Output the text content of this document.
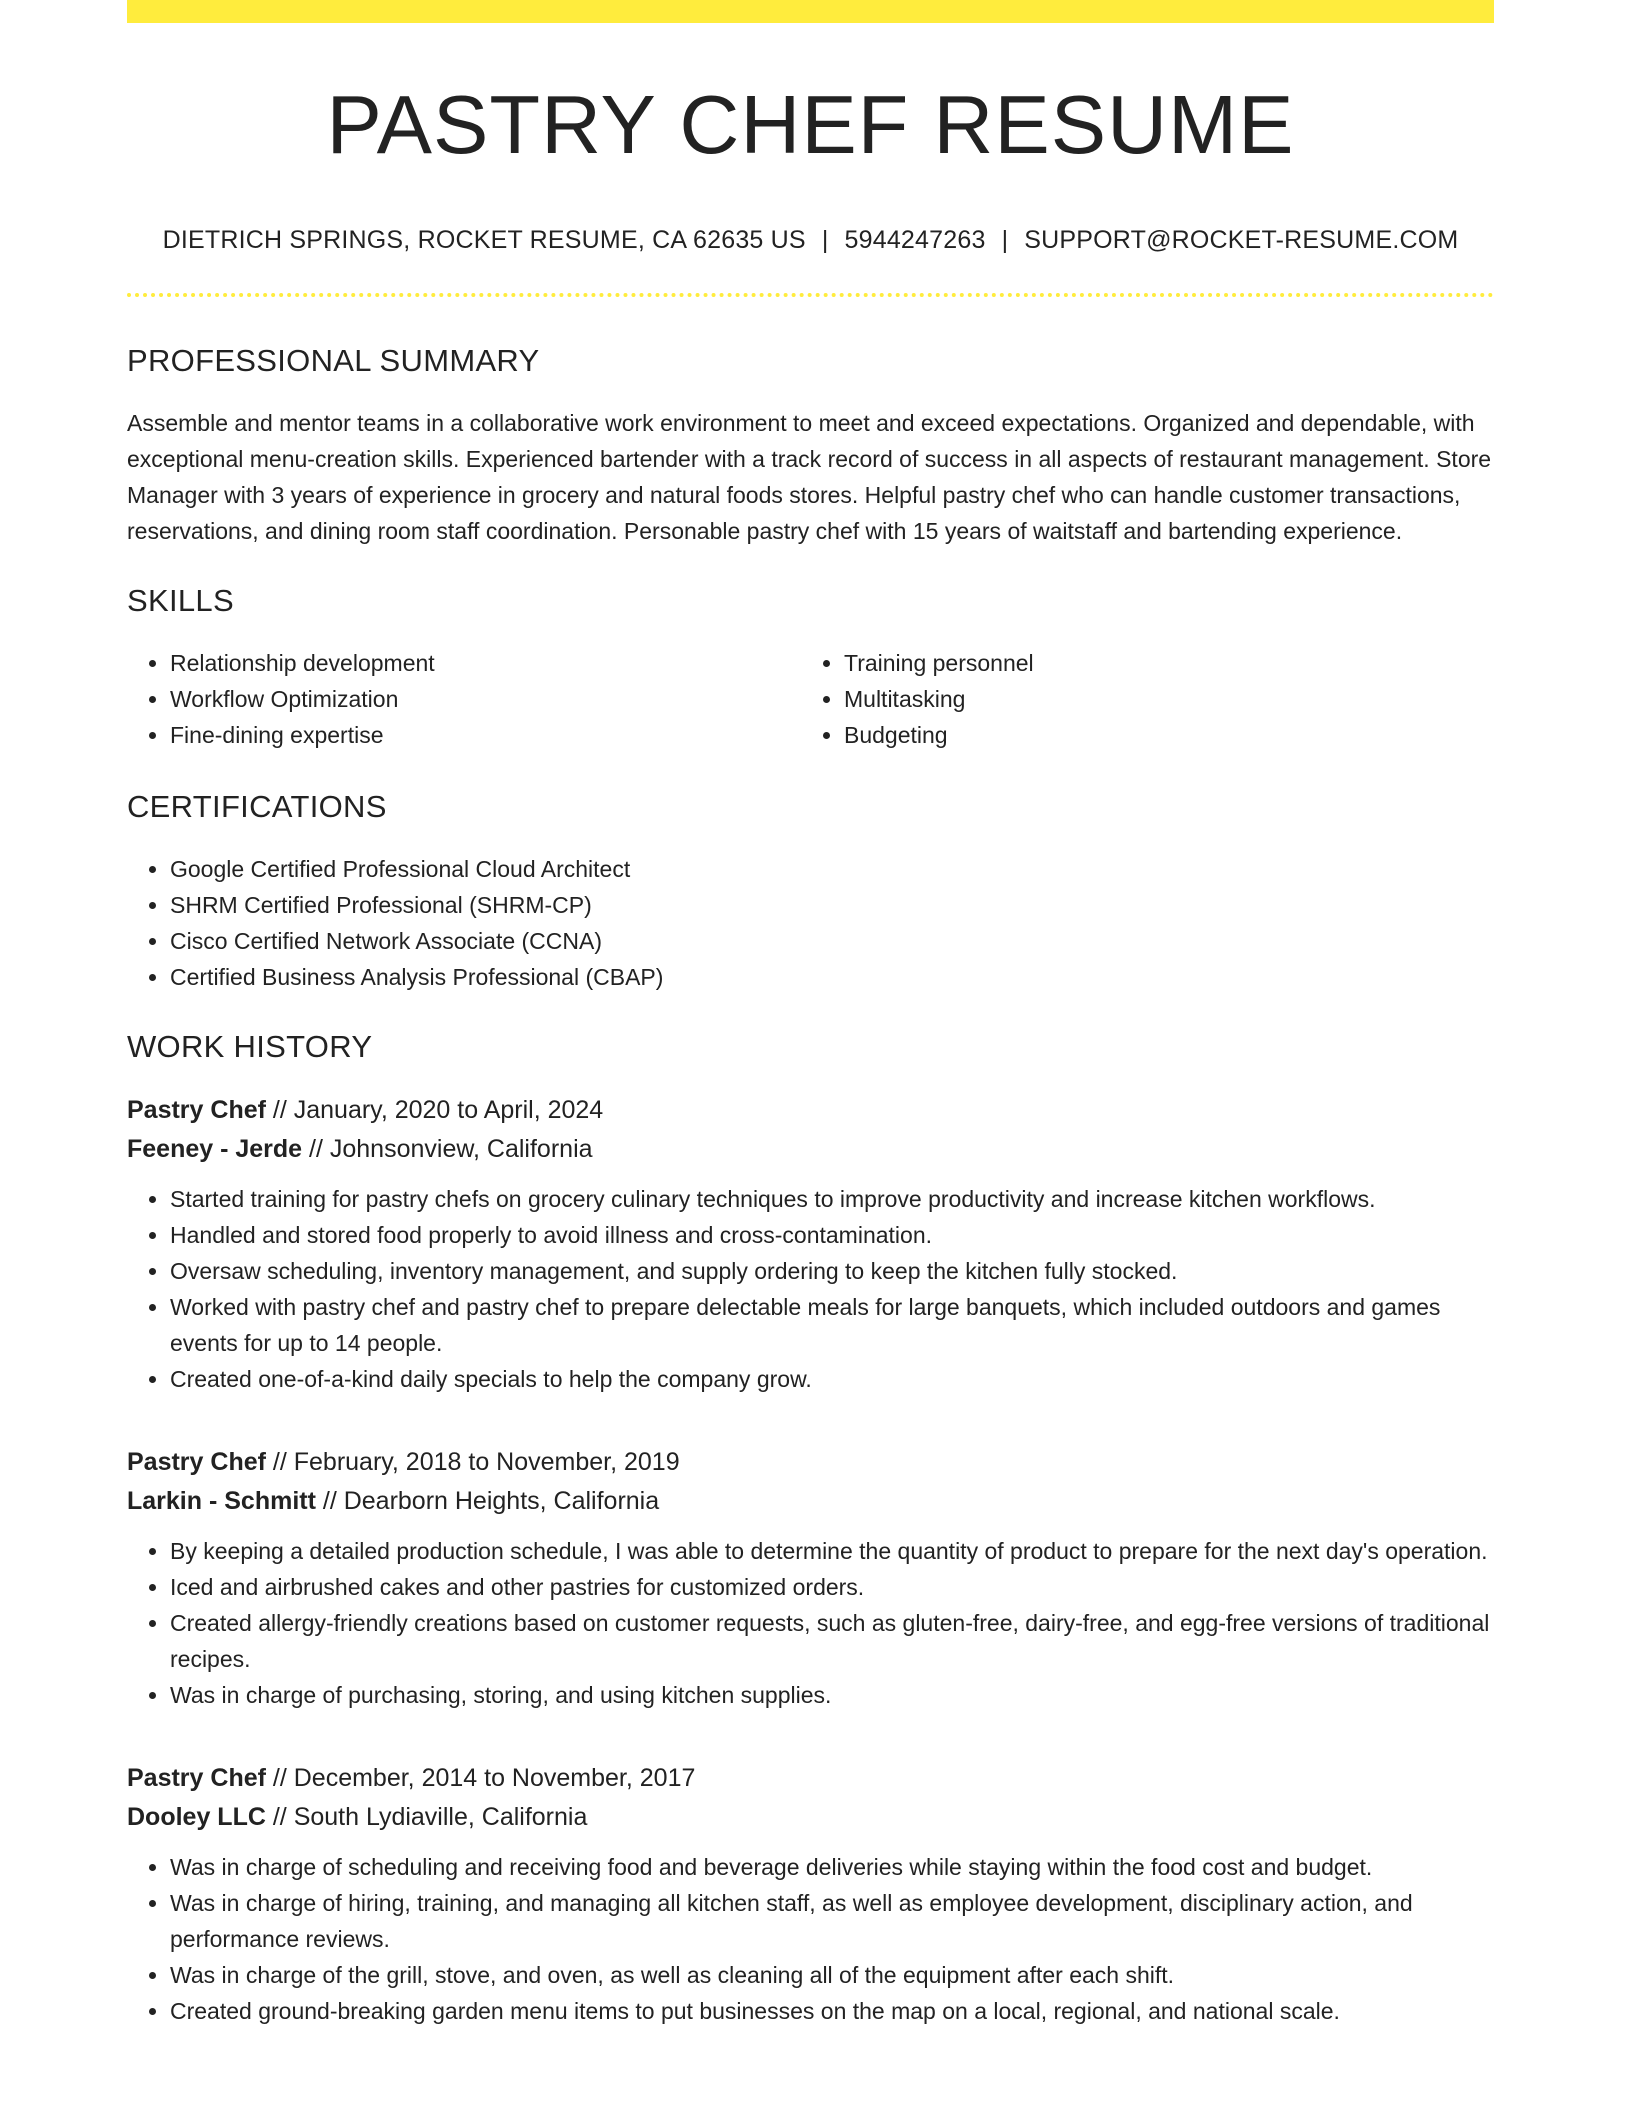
PASTRY CHEF RESUME
DIETRICH SPRINGS, ROCKET RESUME, CA 62635 US | 5944247263 | SUPPORT@ROCKET-RESUME.COM
PROFESSIONAL SUMMARY

Assemble and mentor teams in a collaborative work environment to meet and exceed expectations. Organized and dependable, with exceptional menu-creation skills. Experienced bartender with a track record of success in all aspects of restaurant management. Store Manager with 3 years of experience in grocery and natural foods stores. Helpful pastry chef who can handle customer transactions, reservations, and dining room staff coordination. Personable pastry chef with 15 years of waitstaff and bartending experience.

SKILLS
• Relationship development
• Workflow Optimization
• Fine-dining expertise
• Training personnel
• Multitasking
• Budgeting
CERTIFICATIONS
• Google Certified Professional Cloud Architect
• SHRM Certified Professional (SHRM-CP)
• Cisco Certified Network Associate (CCNA)
• Certified Business Analysis Professional (CBAP)
WORK HISTORY
Pastry Chef // January, 2020 to April, 2024
Feeney - Jerde // Johnsonview, California
• Started training for pastry chefs on grocery culinary techniques to improve productivity and increase kitchen workflows.
• Handled and stored food properly to avoid illness and cross-contamination.
• Oversaw scheduling, inventory management, and supply ordering to keep the kitchen fully stocked.
• Worked with pastry chef and pastry chef to prepare delectable meals for large banquets, which included outdoors and games events for up to 14 people.
• Created one-of-a-kind daily specials to help the company grow.
Pastry Chef // February, 2018 to November, 2019
Larkin - Schmitt // Dearborn Heights, California
• By keeping a detailed production schedule, I was able to determine the quantity of product to prepare for the next day's operation.
• Iced and airbrushed cakes and other pastries for customized orders.
• Created allergy-friendly creations based on customer requests, such as gluten-free, dairy-free, and egg-free versions of traditional recipes.
• Was in charge of purchasing, storing, and using kitchen supplies.
Pastry Chef // December, 2014 to November, 2017
Dooley LLC // South Lydiaville, California
• Was in charge of scheduling and receiving food and beverage deliveries while staying within the food cost and budget.
• Was in charge of hiring, training, and managing all kitchen staff, as well as employee development, disciplinary action, and performance reviews.
• Was in charge of the grill, stove, and oven, as well as cleaning all of the equipment after each shift.
• Created ground-breaking garden menu items to put businesses on the map on a local, regional, and national scale.
